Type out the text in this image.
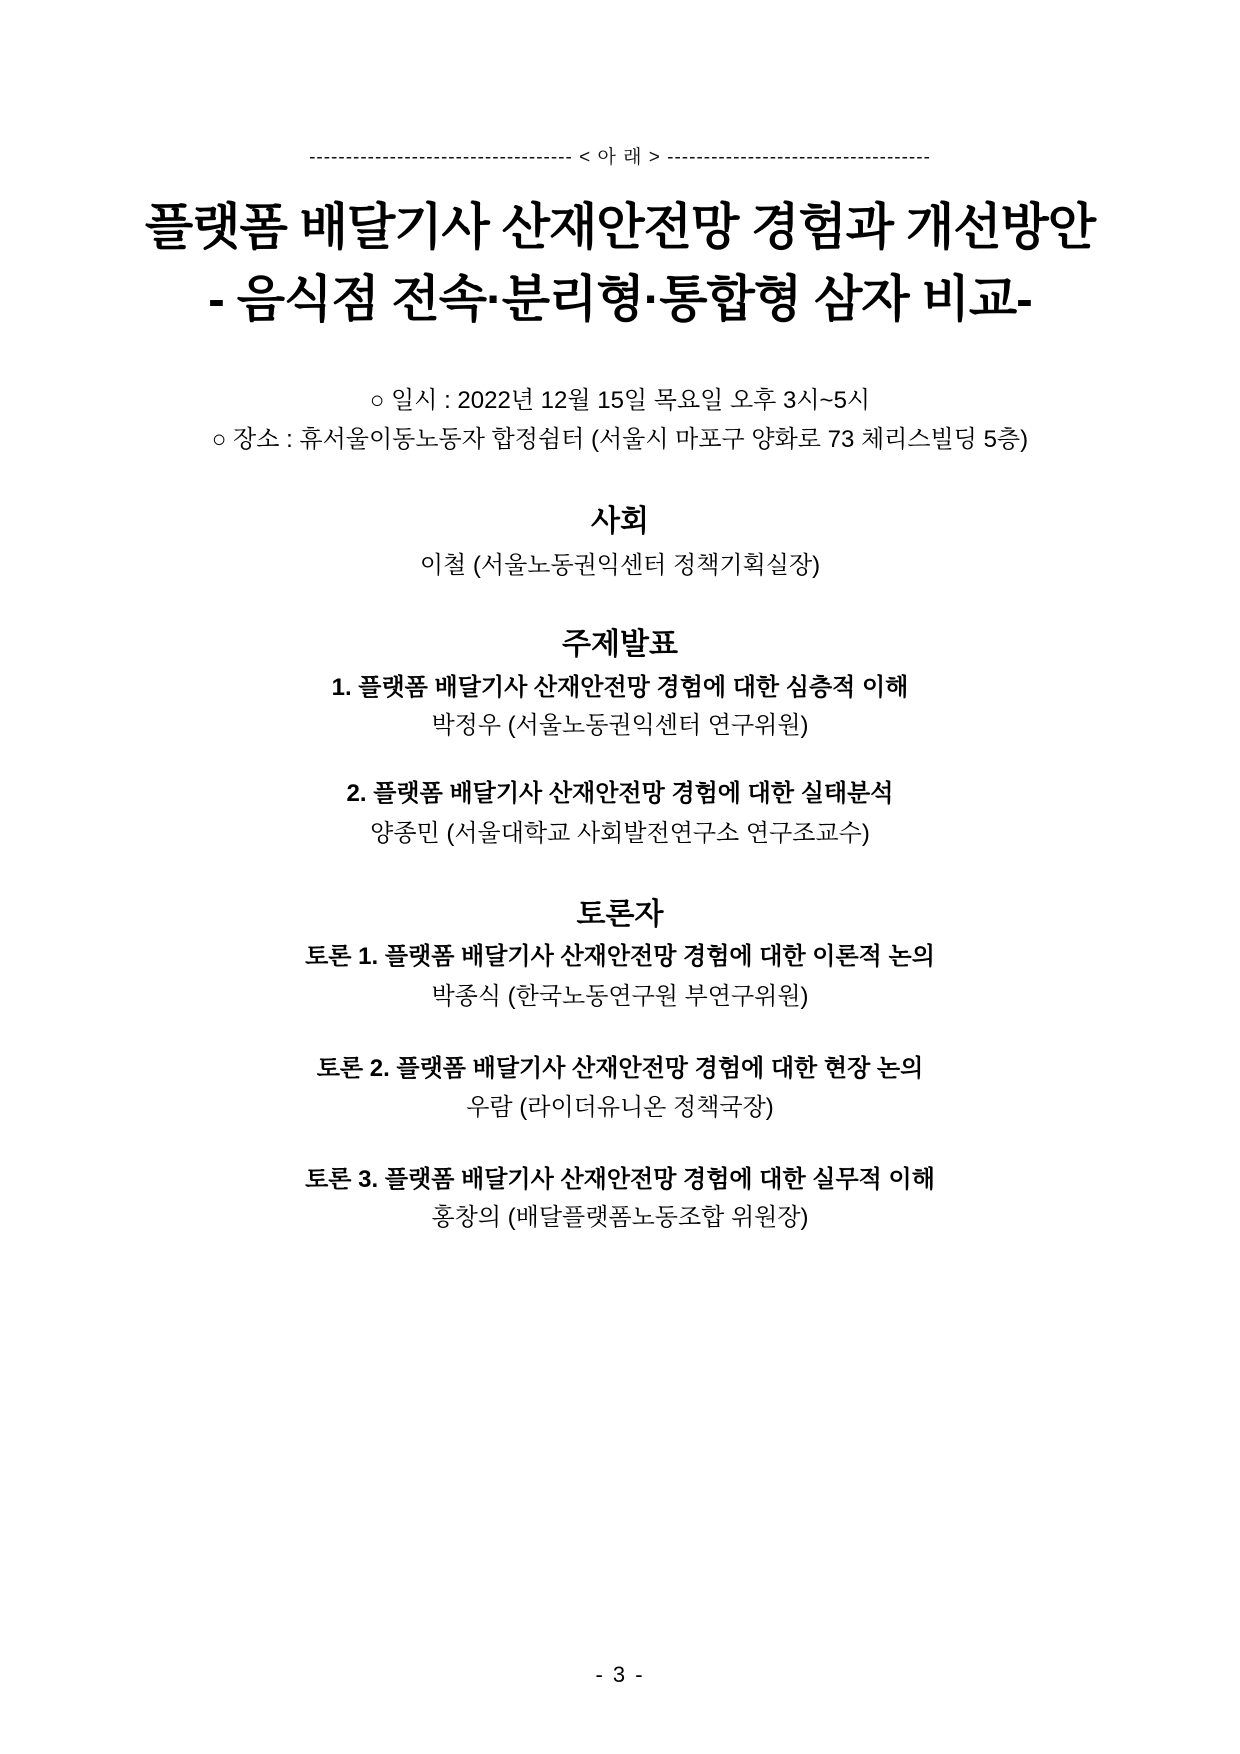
------------------------------------ < 아 래 > ------------------------------------
플랫폼 배달기사 산재안전망 경험과 개선방안
- 음식점 전속·분리형·통합형 삼자 비교-
○ 일시 : 2022년 12월 15일 목요일 오후 3시~5시
○ 장소 : 휴서울이동노동자 합정쉼터 (서울시 마포구 양화로 73 체리스빌딩 5층)
사회
이철 (서울노동권익센터 정책기획실장)
주제발표
1. 플랫폼 배달기사 산재안전망 경험에 대한 심층적 이해
박정우 (서울노동권익센터 연구위원)
2. 플랫폼 배달기사 산재안전망 경험에 대한 실태분석
양종민 (서울대학교 사회발전연구소 연구조교수)
토론자
토론 1. 플랫폼 배달기사 산재안전망 경험에 대한 이론적 논의
박종식 (한국노동연구원 부연구위원)
토론 2. 플랫폼 배달기사 산재안전망 경험에 대한 현장 논의
우람 (라이더유니온 정책국장)
토론 3. 플랫폼 배달기사 산재안전망 경험에 대한 실무적 이해
홍창의 (배달플랫폼노동조합 위원장)
- 3 -
